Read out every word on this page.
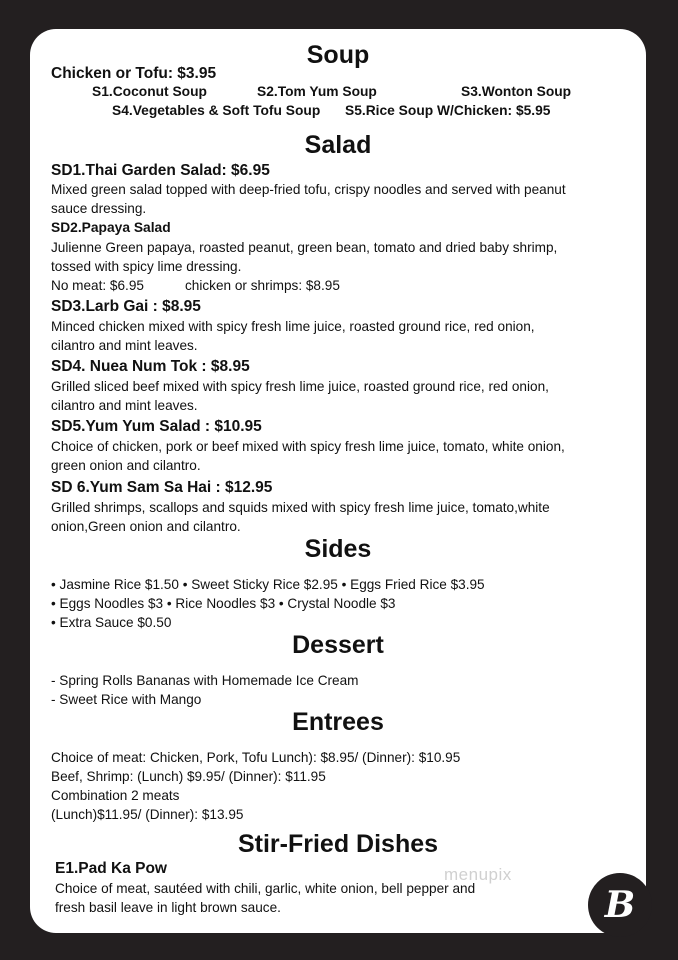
Soup
Chicken or Tofu: $3.95
S1.Coconut Soup	S2.Tom Yum Soup	S3.Wonton Soup
S4.Vegetables & Soft Tofu Soup S5.Rice Soup W/Chicken: $5.95
Salad
SD1.Thai Garden Salad: $6.95
Mixed green salad topped with deep-fried tofu, crispy noodles and served with peanut
sauce dressing.
SD2.Papaya Salad
Julienne Green papaya, roasted peanut, green bean, tomato and dried baby shrimp,
tossed with spicy lime dressing.
No meat: $6.95	chicken or shrimps: $8.95
SD3.Larb Gai : $8.95
Minced chicken mixed with spicy fresh lime juice, roasted ground rice, red onion,
cilantro and mint leaves.
SD4. Nuea Num Tok : $8.95
Grilled sliced beef mixed with spicy fresh lime juice, roasted ground rice, red onion,
cilantro and mint leaves.
SD5.Yum Yum Salad : $10.95
Choice of chicken, pork or beef mixed with spicy fresh lime juice, tomato, white onion,
green onion and cilantro.
SD 6.Yum Sam Sa Hai : $12.95
Grilled shrimps, scallops and squids mixed with spicy fresh lime juice, tomato,white
onion,Green onion and cilantro.
Sides
• Jasmine Rice $1.50 • Sweet Sticky Rice $2.95 • Eggs Fried Rice $3.95
• Eggs Noodles $3 • Rice Noodles $3 • Crystal Noodle $3
• Extra Sauce $0.50
Dessert
- Spring Rolls Bananas with Homemade Ice Cream
- Sweet Rice with Mango
Entrees
Choice of meat: Chicken, Pork, Tofu Lunch): $8.95/ (Dinner): $10.95
Beef, Shrimp: (Lunch) $9.95/ (Dinner): $11.95
Combination 2 meats
(Lunch)$11.95/ (Dinner): $13.95
Stir-Fried Dishes
E1.Pad Ka Pow
Choice of meat, sautéed with chili, garlic, white onion, bell pepper and
fresh basil leave in light brown sauce.
menupix
B
